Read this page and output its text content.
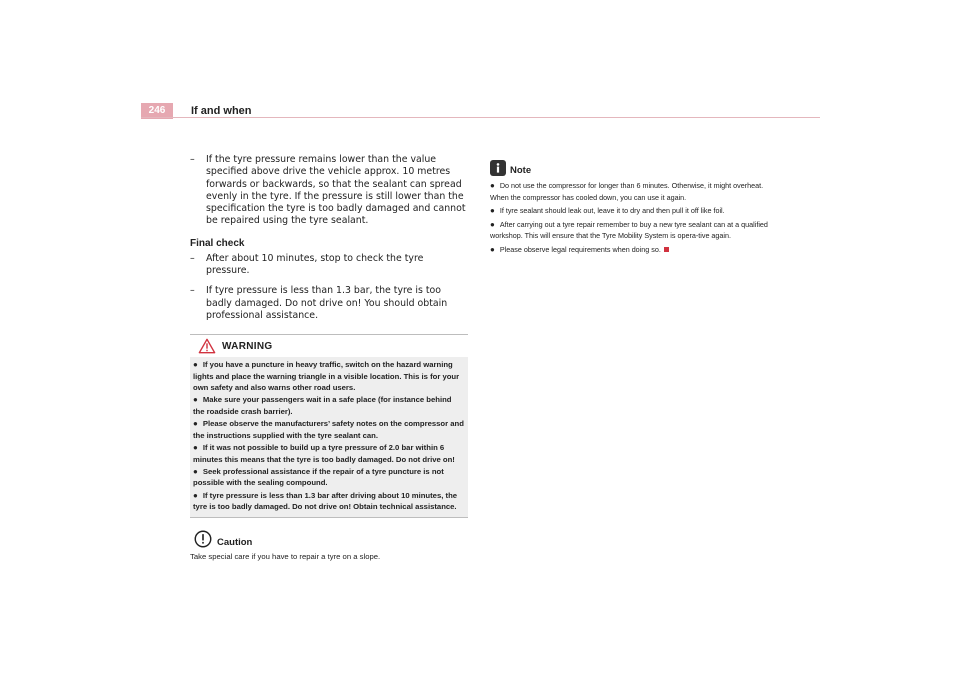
246	If and when
– If the tyre pressure remains lower than the value specified above drive the vehicle approx. 10 metres forwards or backwards, so that the sealant can spread evenly in the tyre. If the pressure is still lower than the specification the tyre is too badly damaged and cannot be repaired using the tyre sealant.
Final check
– After about 10 minutes, stop to check the tyre pressure.
– If tyre pressure is less than 1.3 bar, the tyre is too badly damaged. Do not drive on! You should obtain professional assistance.
WARNING
● If you have a puncture in heavy traffic, switch on the hazard warning lights and place the warning triangle in a visible location. This is for your own safety and also warns other road users.
● Make sure your passengers wait in a safe place (for instance behind the roadside crash barrier).
● Please observe the manufacturers’ safety notes on the compressor and the instructions supplied with the tyre sealant can.
● If it was not possible to build up a tyre pressure of 2.0 bar within 6 minutes this means that the tyre is too badly damaged. Do not drive on!
● Seek professional assistance if the repair of a tyre puncture is not possible with the sealing compound.
● If tyre pressure is less than 1.3 bar after driving about 10 minutes, the tyre is too badly damaged. Do not drive on! Obtain technical assistance.
Caution
Take special care if you have to repair a tyre on a slope.
Note
● Do not use the compressor for longer than 6 minutes. Otherwise, it might overheat. When the compressor has cooled down, you can use it again.
● If tyre sealant should leak out, leave it to dry and then pull it off like foil.
● After carrying out a tyre repair remember to buy a new tyre sealant can at a qualified workshop. This will ensure that the Tyre Mobility System is opera-tive again.
● Please observe legal requirements when doing so.
